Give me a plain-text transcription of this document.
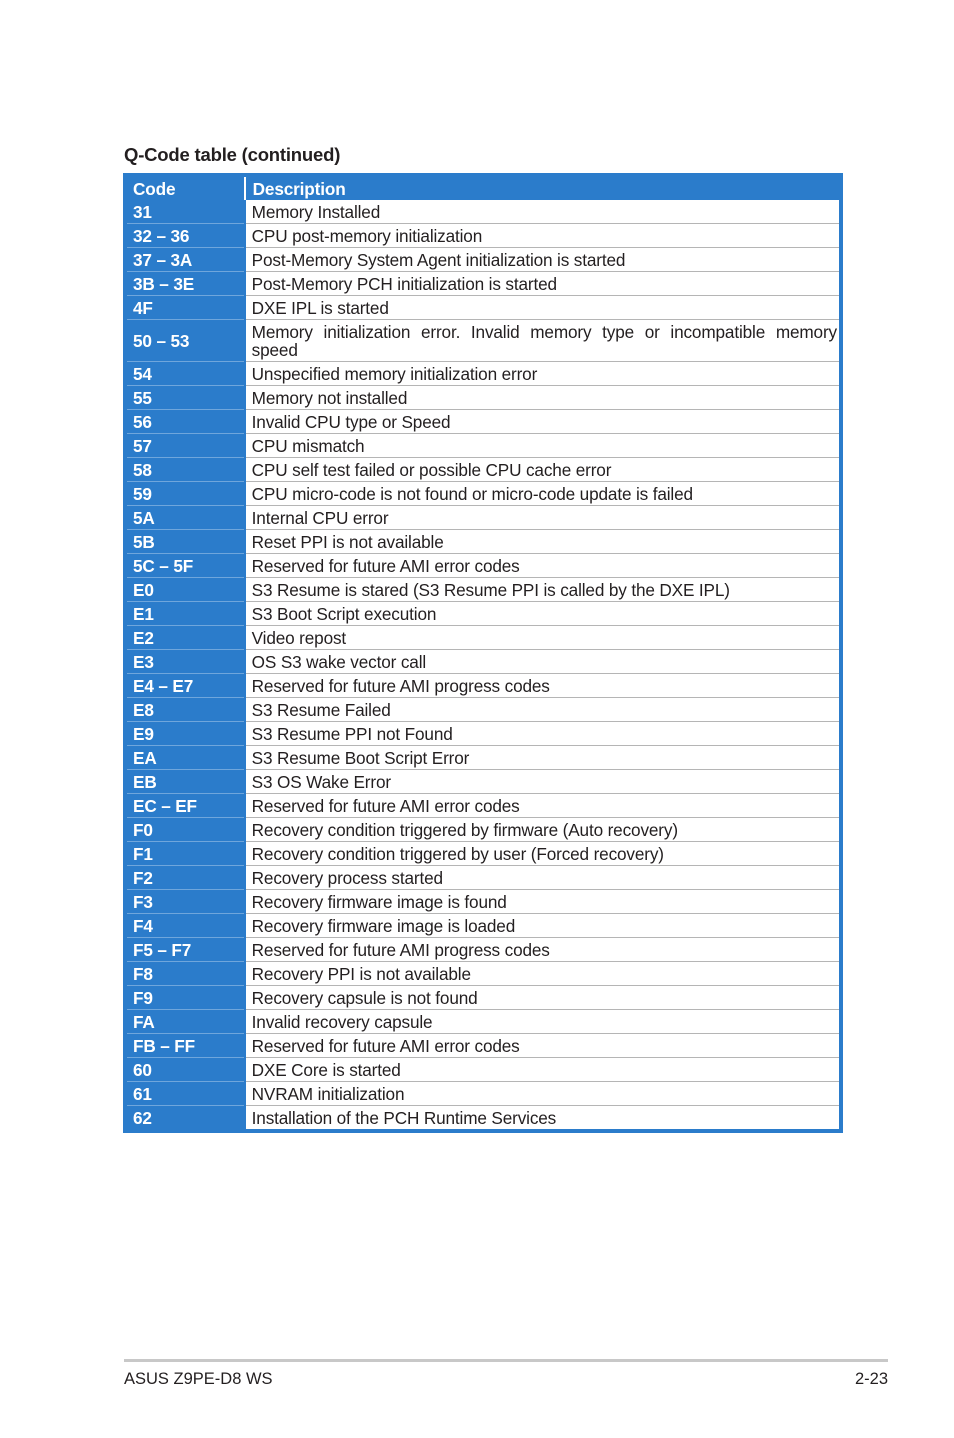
Q-Code table (continued)
Code	Description
31	Memory Installed
32 – 36	CPU post-memory initialization
37 – 3A	Post-Memory System Agent initialization is started
3B – 3E	Post-Memory PCH initialization is started
4F	DXE IPL is started
50 – 53	Memory initialization error. Invalid memory type or incompatible memory speed
54	Unspecified memory initialization error
55	Memory not installed
56	Invalid CPU type or Speed
57	CPU mismatch
58	CPU self test failed or possible CPU cache error
59	CPU micro-code is not found or micro-code update is failed
5A	Internal CPU error
5B	Reset PPI is not available
5C – 5F	Reserved for future AMI error codes
E0	S3 Resume is stared (S3 Resume PPI is called by the DXE IPL)
E1	S3 Boot Script execution
E2	Video repost
E3	OS S3 wake vector call
E4 – E7	Reserved for future AMI progress codes
E8	S3 Resume Failed
E9	S3 Resume PPI not Found
EA	S3 Resume Boot Script Error
EB	S3 OS Wake Error
EC – EF	Reserved for future AMI error codes
F0	Recovery condition triggered by firmware (Auto recovery)
F1	Recovery condition triggered by user (Forced recovery)
F2	Recovery process started
F3	Recovery firmware image is found
F4	Recovery firmware image is loaded
F5 – F7	Reserved for future AMI progress codes
F8	Recovery PPI is not available
F9	Recovery capsule is not found
FA	Invalid recovery capsule
FB – FF	Reserved for future AMI error codes
60	DXE Core is started
61	NVRAM initialization
62	Installation of the PCH Runtime Services
ASUS Z9PE-D8 WS	2-23
